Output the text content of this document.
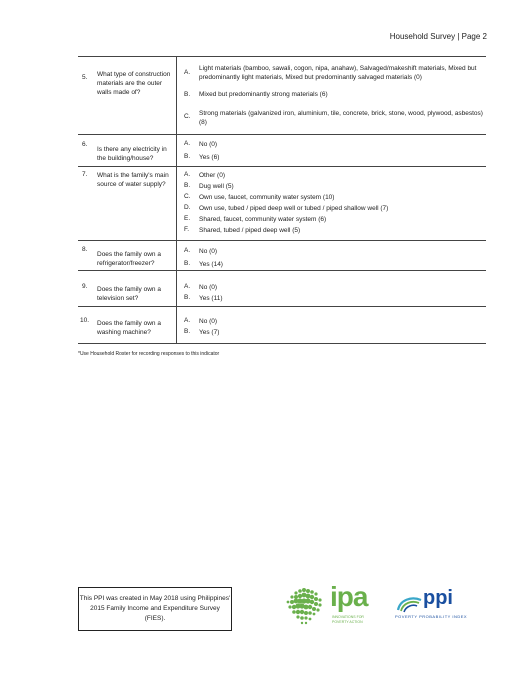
Household Survey | Page 2
5. What type of construction materials are the outer walls made of?
A.
Light materials (bamboo, sawali, cogon, nipa, anahaw), Salvaged/makeshift materials, Mixed but predominantly light materials, Mixed but predominantly salvaged materials (0)
B. Mixed but predominantly strong materials (6)
C. Strong materials (galvanized iron, aluminium, tile, concrete, brick, stone, wood, plywood, asbestos) (8)
6.
Is there any electricity in the building/house?
A. No (0)
B. Yes (6)
7. What is the family's main source of water supply?
A. Other (0)
B. Dug well (5)
C. Own use, faucet, community water system (10)
D. Own use, tubed / piped deep well or tubed / piped shallow well (7)
E. Shared, faucet, community water system (6)
F. Shared, tubed / piped deep well (5)
8.
Does the family own a refrigerator/freezer?
A. No (0)
B. Yes (14)
9. Does the family own a television set?
A. No (0)
B. Yes (11)
10. Does the family own a washing machine?
A. No (0)
B. Yes (7)
*Use Household Roster for recording responses to this indicator
This PPI was created in May 2018 using Philippines'
2015 Family Income and Expenditure Survey (FIES).
ipa
INNOVATIONS FOR
POVERTY ACTION
ppi
POVERTY PROBABILITY INDEX
